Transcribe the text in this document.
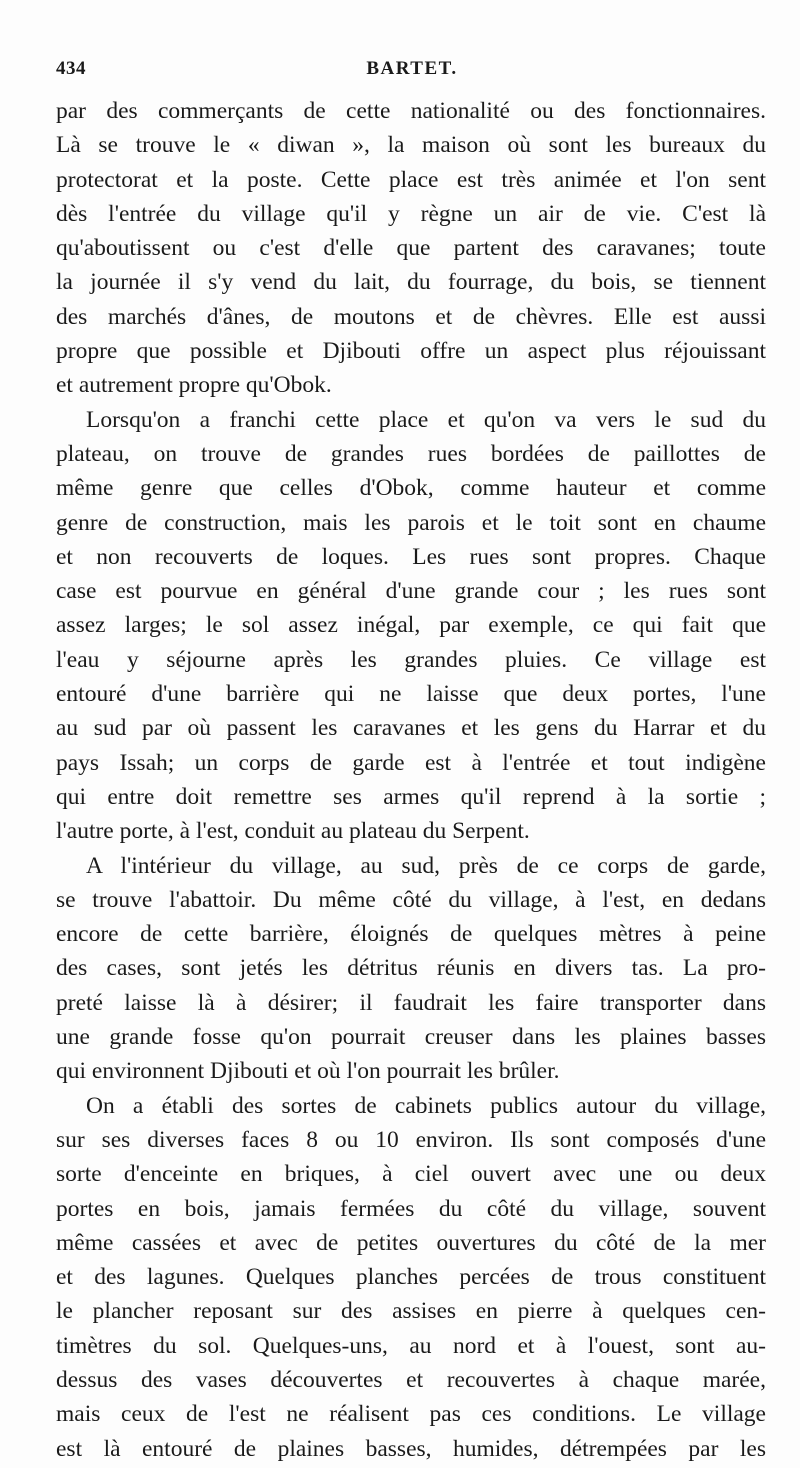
434	BARTET.
par des commerçants de cette nationalité ou des fonctionnaires.
Là se trouve le « diwan », la maison où sont les bureaux du
protectorat et la poste. Cette place est très animée et l'on sent
dès l'entrée du village qu'il y règne un air de vie. C'est là
qu'aboutissent ou c'est d'elle que partent des caravanes; toute
la journée il s'y vend du lait, du fourrage, du bois, se tiennent
des marchés d'ânes, de moutons et de chèvres. Elle est aussi
propre que possible et Djibouti offre un aspect plus réjouissant
et autrement propre qu'Obok.
Lorsqu'on a franchi cette place et qu'on va vers le sud du
plateau, on trouve de grandes rues bordées de paillottes de
même genre que celles d'Obok, comme hauteur et comme
genre de construction, mais les parois et le toit sont en chaume
et non recouverts de loques. Les rues sont propres. Chaque
case est pourvue en général d'une grande cour ; les rues sont
assez larges; le sol assez inégal, par exemple, ce qui fait que
l'eau y séjourne après les grandes pluies. Ce village est
entouré d'une barrière qui ne laisse que deux portes, l'une
au sud par où passent les caravanes et les gens du Harrar et du
pays Issah; un corps de garde est à l'entrée et tout indigène
qui entre doit remettre ses armes qu'il reprend à la sortie ;
l'autre porte, à l'est, conduit au plateau du Serpent.
A l'intérieur du village, au sud, près de ce corps de garde,
se trouve l'abattoir. Du même côté du village, à l'est, en dedans
encore de cette barrière, éloignés de quelques mètres à peine
des cases, sont jetés les détritus réunis en divers tas. La pro-
preté laisse là à désirer; il faudrait les faire transporter dans
une grande fosse qu'on pourrait creuser dans les plaines basses
qui environnent Djibouti et où l'on pourrait les brûler.
On a établi des sortes de cabinets publics autour du village,
sur ses diverses faces 8 ou 10 environ. Ils sont composés d'une
sorte d'enceinte en briques, à ciel ouvert avec une ou deux
portes en bois, jamais fermées du côté du village, souvent
même cassées et avec de petites ouvertures du côté de la mer
et des lagunes. Quelques planches percées de trous constituent
le plancher reposant sur des assises en pierre à quelques cen-
timètres du sol. Quelques-uns, au nord et à l'ouest, sont au-
dessus des vases découvertes et recouvertes à chaque marée,
mais ceux de l'est ne réalisent pas ces conditions. Le village
est là entouré de plaines basses, humides, détrempées par les
